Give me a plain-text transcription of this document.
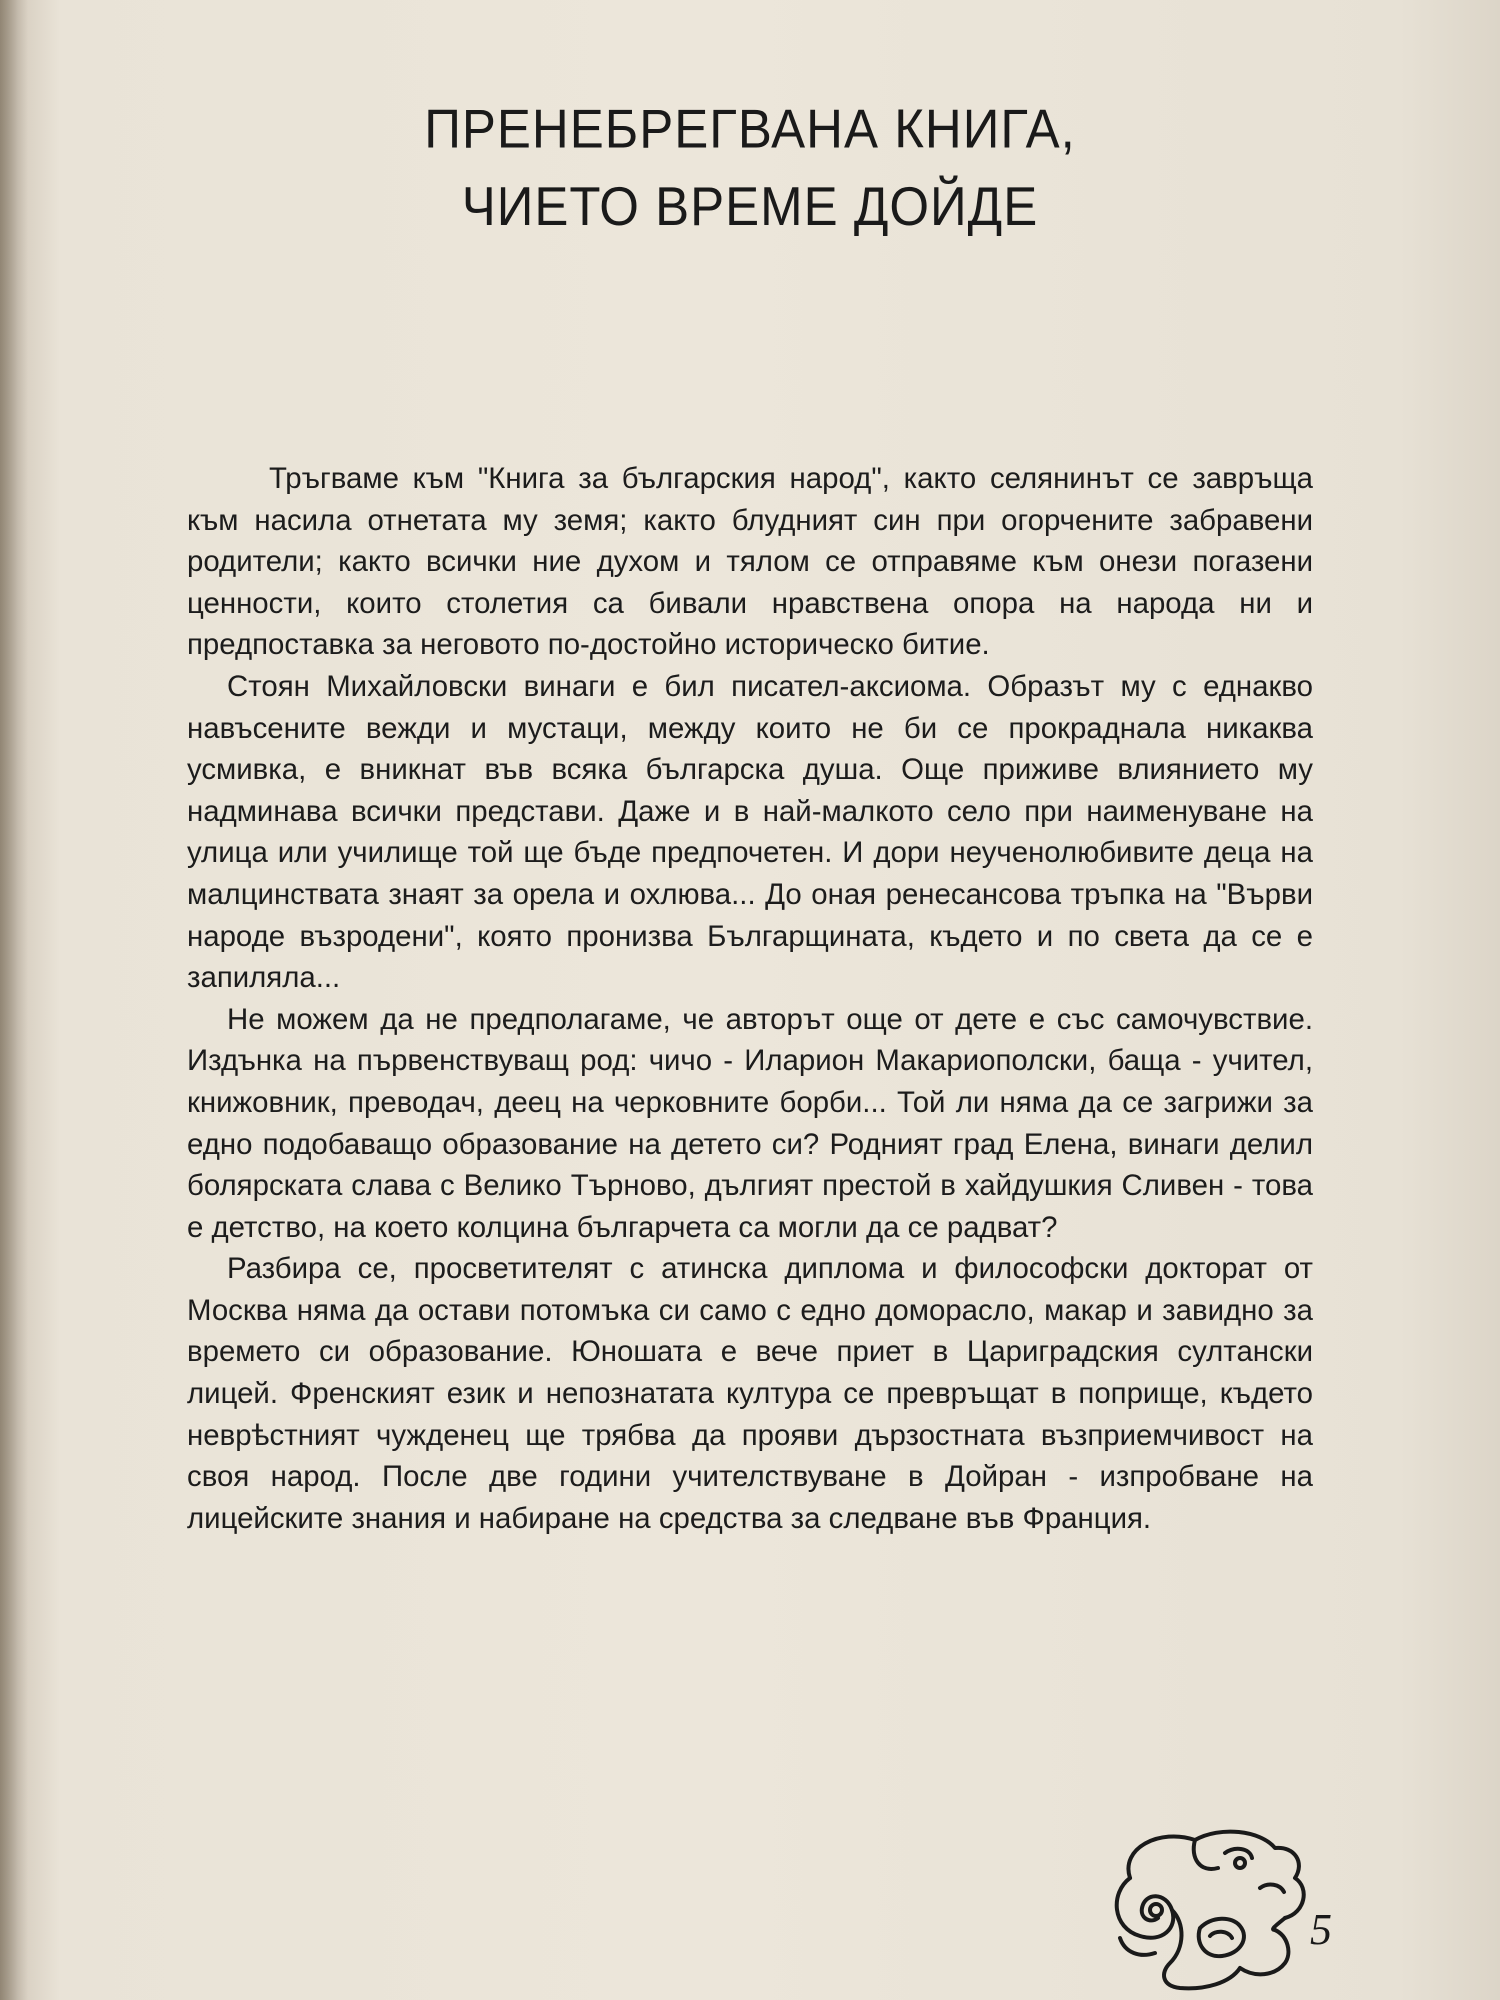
ПРЕНЕБРЕГВАНА КНИГА,
ЧИЕТО ВРЕМЕ ДОЙДЕ

Тръгваме към "Книга за българския народ", както селянинът се завръща към насила отнетата му земя; както блудният син при огорчените забравени родители; както всички ние духом и тялом се отправяме към онези погазени ценности, които столетия са бивали нравствена опора на народа ни и предпоставка за неговото по-достойно историческо битие.

Стоян Михайловски винаги е бил писател-аксиома. Образът му с еднакво навъсените вежди и мустаци, между които не би се прокраднала никаква усмивка, е вникнат във всяка българска душа. Още приживе влиянието му надминава всички представи. Даже и в най-малкото село при наименуване на улица или училище той ще бъде предпочетен. И дори неученолюбивите деца на малцинствата знаят за орела и охлюва... До оная ренесансова тръпка на "Върви народе възродени", която пронизва Българщината, където и по света да се е запиляла...

Не можем да не предполагаме, че авторът още от дете е със самочувствие. Издънка на първенствуващ род: чичо - Иларион Макариополски, баща - учител, книжовник, преводач, деец на черковните борби... Той ли няма да се загрижи за едно подобаващо образование на детето си? Родният град Елена, винаги делил болярската слава с Велико Търново, дългият престой в хайдушкия Сливен - това е детство, на което колцина българчета са могли да се радват?

Разбира се, просветителят с атинска диплома и философски докторат от Москва няма да остави потомъка си само с едно доморасло, макар и завидно за времето си образование. Юношата е вече приет в Цариградския султански лицей. Френският език и непознатата култура се превръщат в поприще, където неврѣстният чужденец ще трябва да прояви дързостната възприемчивост на своя народ. После две години учителствуване в Дойран - изпробване на лицейските знания и набиране на средства за следване във Франция.

5
